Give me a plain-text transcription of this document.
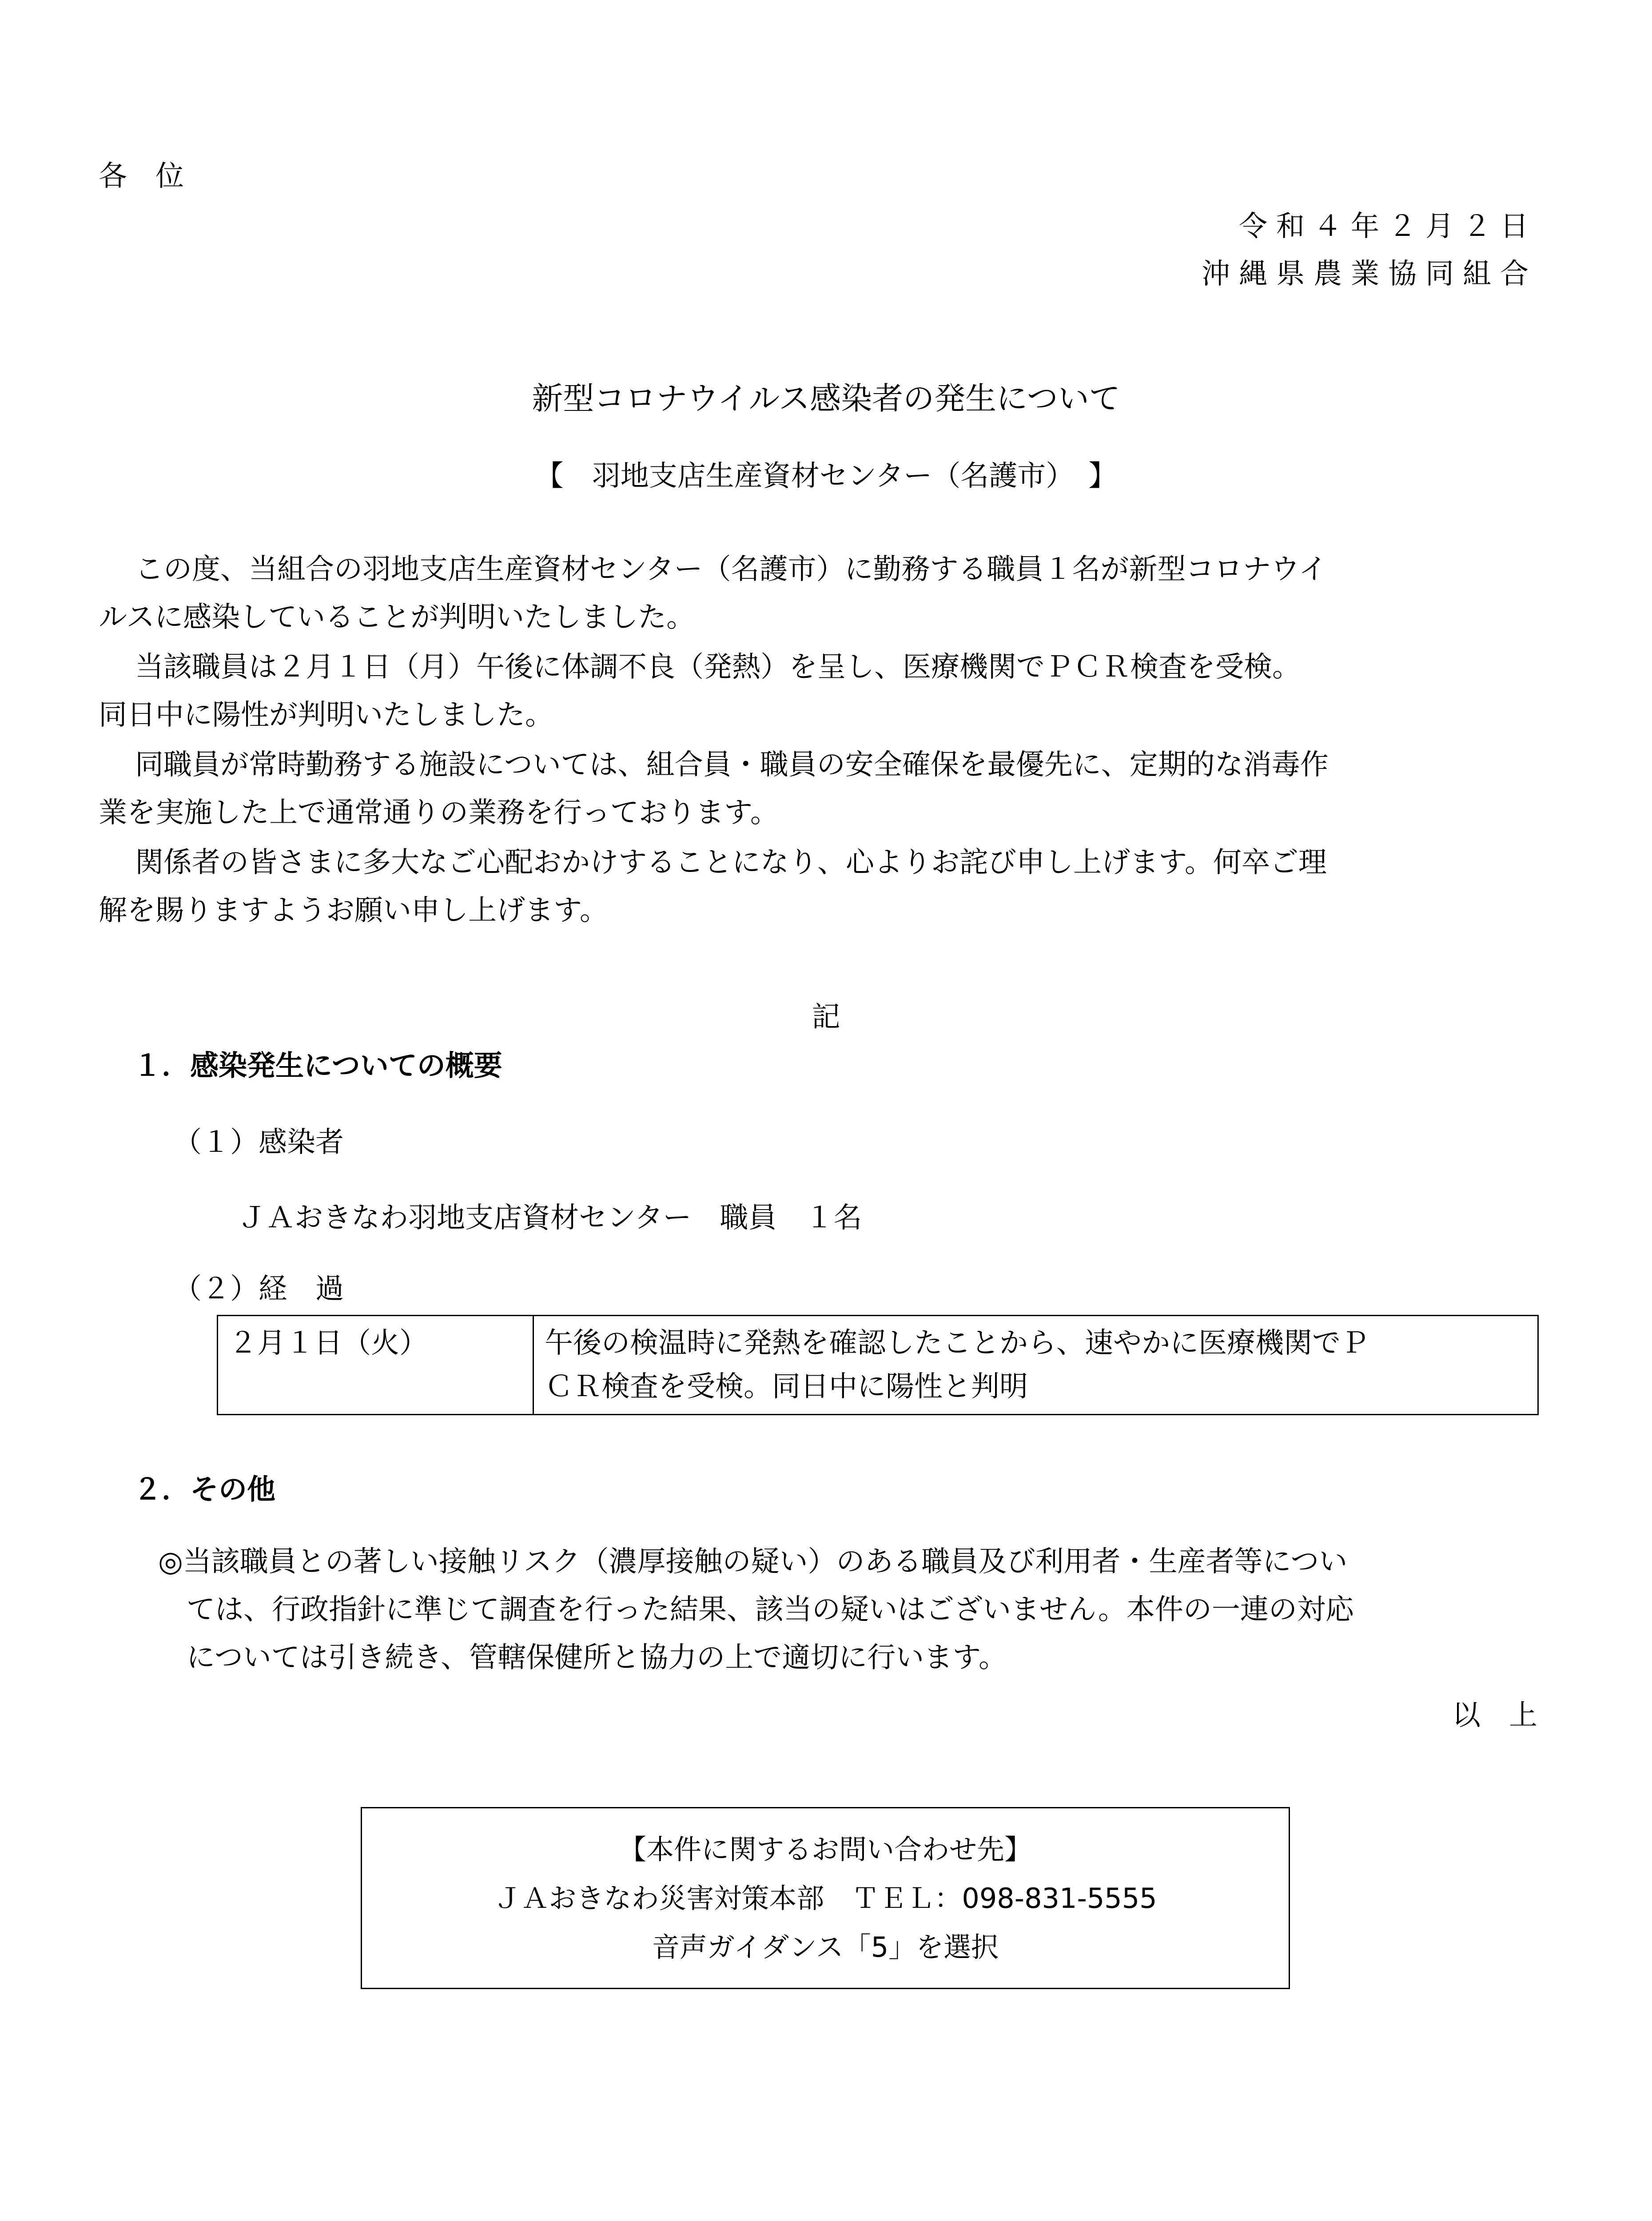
各　位

令和４年２月２日

沖縄県農業協同組合

新型コロナウイルス感染者の発生について

【　羽地支店生産資材センター（名護市）　】

この度、当組合の羽地支店生産資材センター（名護市）に勤務する職員１名が新型コロナウイ
ルスに感染していることが判明いたしました。
当該職員は２月１日（月）午後に体調不良（発熱）を呈し、医療機関でＰＣＲ検査を受検。
同日中に陽性が判明いたしました。
同職員が常時勤務する施設については、組合員・職員の安全確保を最優先に、定期的な消毒作
業を実施した上で通常通りの業務を行っております。
関係者の皆さまに多大なご心配おかけすることになり、心よりお詫び申し上げます。何卒ご理
解を賜りますようお願い申し上げます。

記

１．感染発生についての概要

（１）感染者

ＪＡおきなわ羽地支店資材センター　職員　１名

（２）経　過

２月１日（火）	午後の検温時に発熱を確認したことから、速やかに医療機関でＰ
ＣＲ検査を受検。同日中に陽性と判明

２．その他

◎当該職員との著しい接触リスク（濃厚接触の疑い）のある職員及び利用者・生産者等につい
ては、行政指針に準じて調査を行った結果、該当の疑いはございません。本件の一連の対応
については引き続き、管轄保健所と協力の上で適切に行います。

以　上

【本件に関するお問い合わせ先】
ＪＡおきなわ災害対策本部　ＴＥＬ：098-831-5555
音声ガイダンス「5」を選択
